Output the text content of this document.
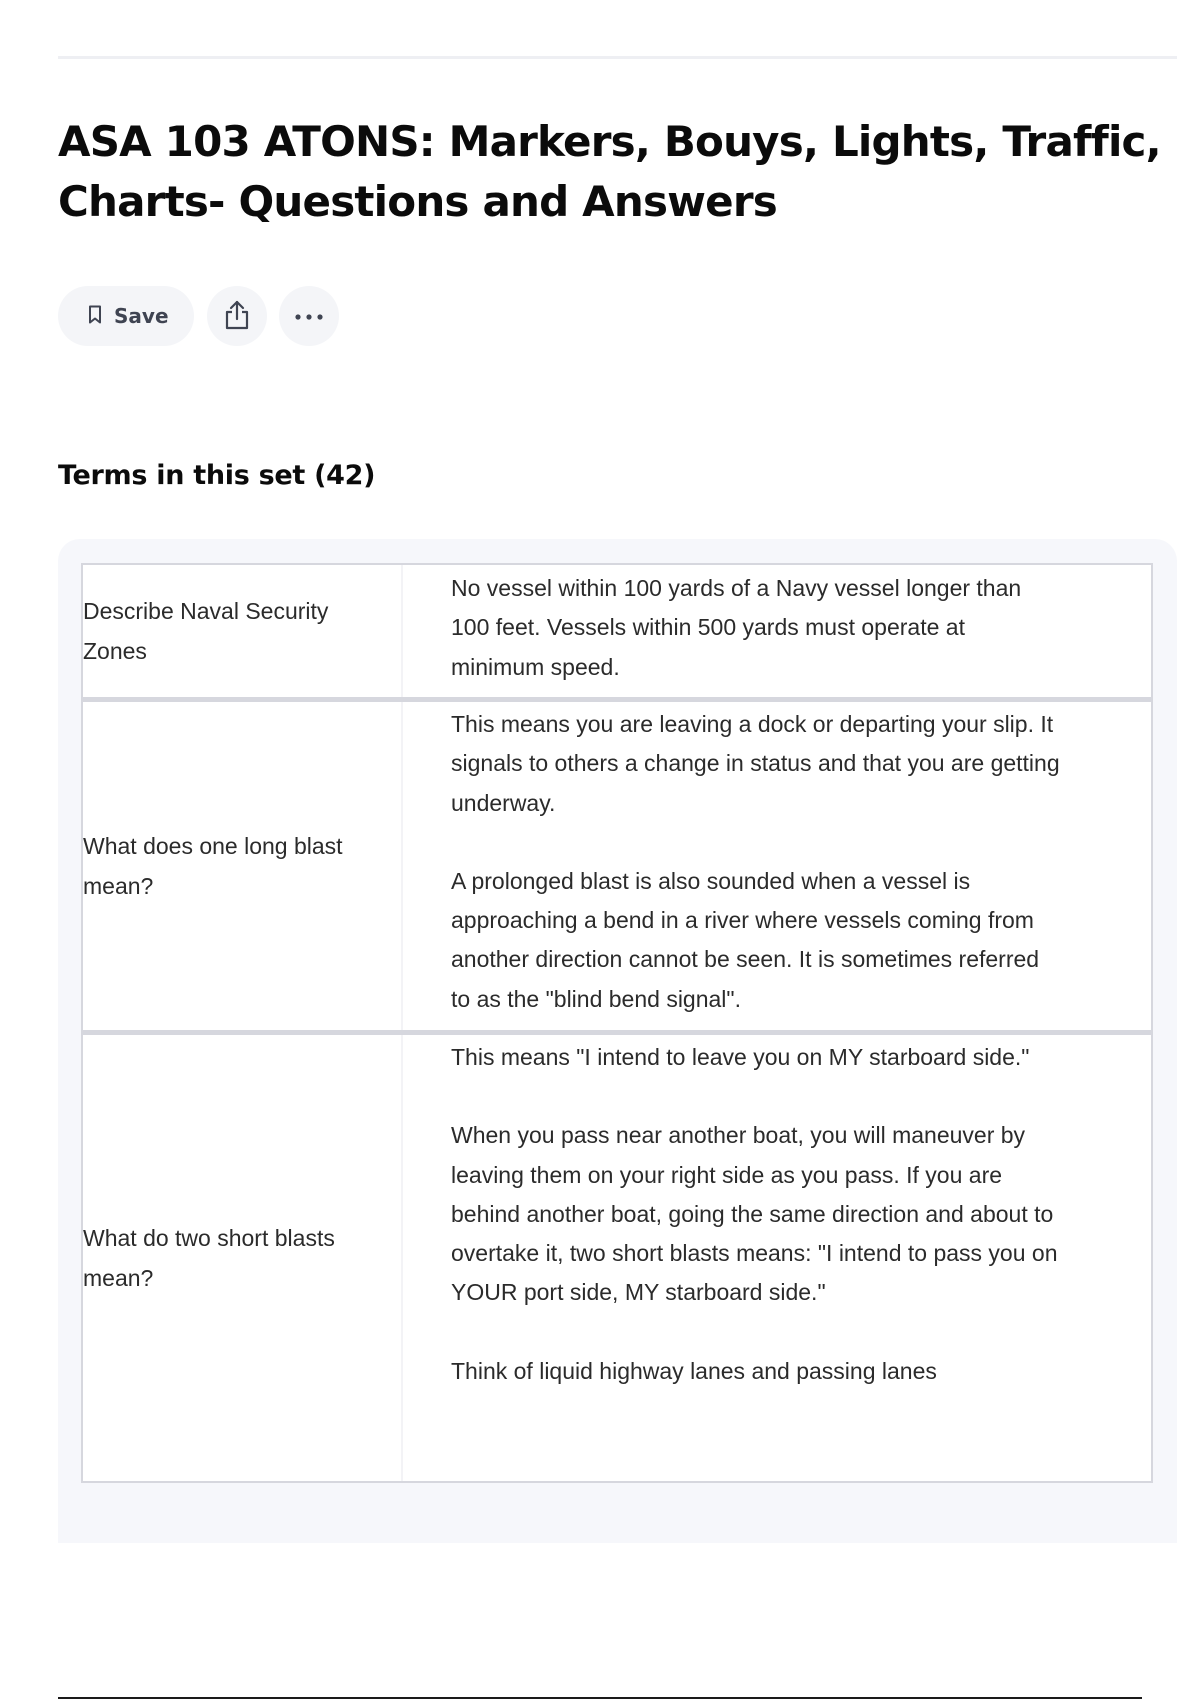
ASA 103 ATONS: Markers, Bouys, Lights, Traffic, Charts- Questions and Answers
Save
Terms in this set (42)
Describe Naval Security Zones

No vessel within 100 yards of a Navy vessel longer than 100 feet. Vessels within 500 yards must operate at minimum speed.

What does one long blast mean?

This means you are leaving a dock or departing your slip. It signals to others a change in status and that you are getting underway.

A prolonged blast is also sounded when a vessel is approaching a bend in a river where vessels coming from another direction cannot be seen. It is sometimes referred to as the "blind bend signal".

What do two short blasts mean?

This means "I intend to leave you on MY starboard side."

When you pass near another boat, you will maneuver by leaving them on your right side as you pass. If you are behind another boat, going the same direction and about to overtake it, two short blasts means: "I intend to pass you on YOUR port side, MY starboard side."

Think of liquid highway lanes and passing lanes
